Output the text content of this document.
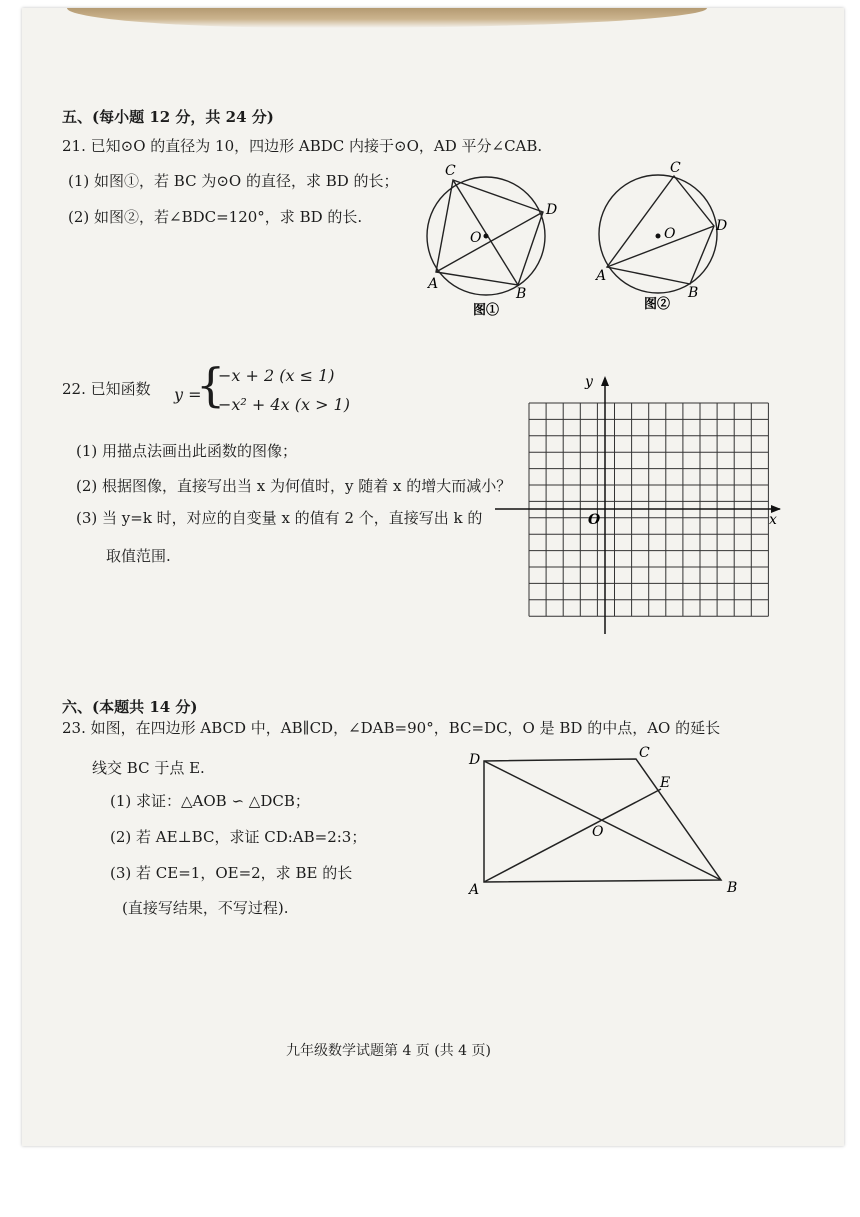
五、(每小题 12 分，共 24 分)
21. 已知⊙O 的直径为 10，四边形 ABDC 内接于⊙O，AD 平分∠CAB.
(1) 如图①，若 BC 为⊙O 的直径，求 BD 的长；
(2) 如图②，若∠BDC=120°，求 BD 的长.
C
D
O
A
B
图①
C
D
O
A
B
图②
22. 已知函数 y =
{
−x + 2 (x ≤ 1)
−x² + 4x (x > 1)
(1) 用描点法画出此函数的图像；
(2) 根据图像，直接写出当 x 为何值时，y 随着 x 的增大而减小？
(3) 当 y=k 时，对应的自变量 x 的值有 2 个，直接写出 k 的
取值范围.
y
x
O
六、(本题共 14 分)
23. 如图，在四边形 ABCD 中，AB∥CD，∠DAB=90°，BC=DC，O 是 BD 的中点，AO 的延长
线交 BC 于点 E.
(1) 求证：△AOB ∽ △DCB；
(2) 若 AE⊥BC，求证 CD:AB=2:3；
(3) 若 CE=1，OE=2，求 BE 的长
(直接写结果，不写过程).
D	C
E
O
A	B
九年级数学试题第 4 页 (共 4 页)
